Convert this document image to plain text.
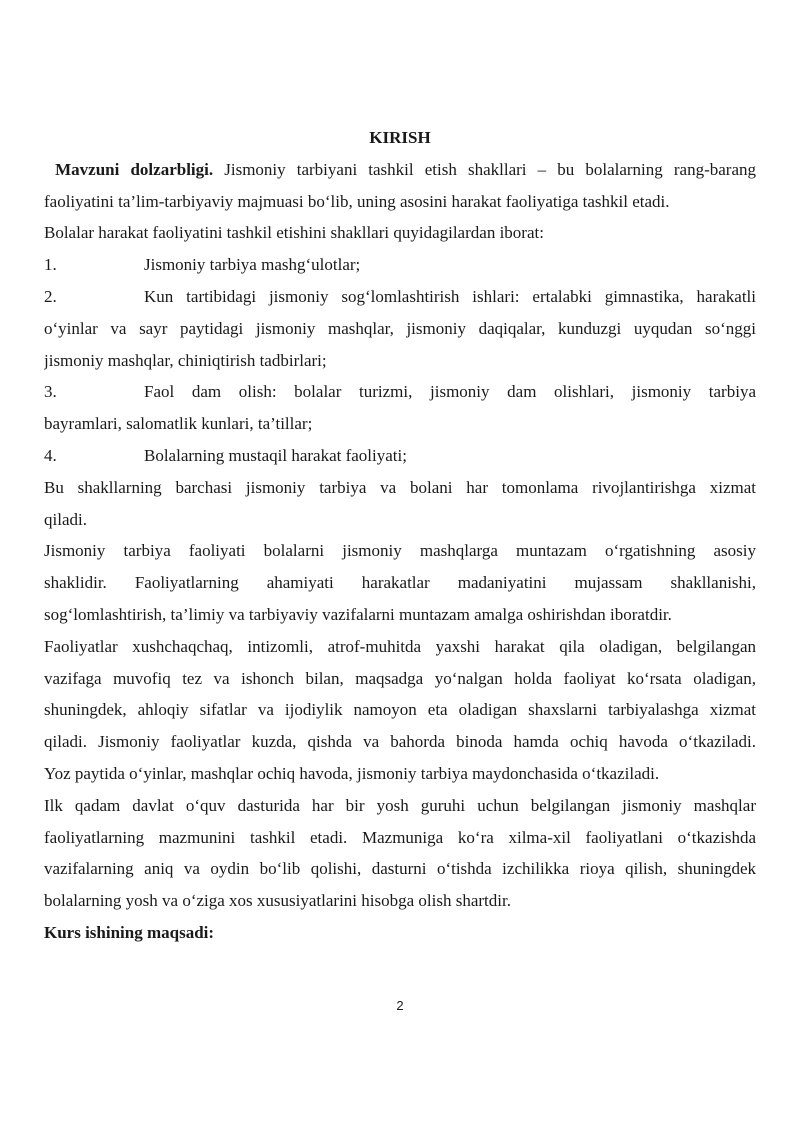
KIRISH
Mavzuni dolzarbligi. Jismoniy tarbiyani tashkil etish shakllari – bu bolalarning rang-barang
faoliyatini ta’lim-tarbiyaviy majmuasi bo‘lib, uning asosini harakat faoliyatiga tashkil etadi.
Bolalar harakat faoliyatini tashkil etishini shakllari quyidagilardan iborat:
1.	Jismoniy tarbiya mashg‘ulotlar;
2.	Kun tartibidagi jismoniy sog‘lomlashtirish ishlari: ertalabki gimnastika, harakatli
o‘yinlar va sayr paytidagi jismoniy mashqlar, jismoniy daqiqalar, kunduzgi uyqudan so‘nggi
jismoniy mashqlar, chiniqtirish tadbirlari;
3.	Faol dam olish: bolalar turizmi, jismoniy dam olishlari, jismoniy tarbiya
bayramlari, salomatlik kunlari, ta’tillar;
4.	Bolalarning mustaqil harakat faoliyati;
Bu shakllarning barchasi jismoniy tarbiya va bolani har tomonlama rivojlantirishga xizmat
qiladi.
Jismoniy tarbiya faoliyati bolalarni jismoniy mashqlarga muntazam o‘rgatishning asosiy
shaklidir. Faoliyatlarning ahamiyati harakatlar madaniyatini mujassam shakllanishi,
sog‘lomlashtirish, ta’limiy va tarbiyaviy vazifalarni muntazam amalga oshirishdan iboratdir.
Faoliyatlar xushchaqchaq, intizomli, atrof-muhitda yaxshi harakat qila oladigan, belgilangan
vazifaga muvofiq tez va ishonch bilan, maqsadga yo‘nalgan holda faoliyat ko‘rsata oladigan,
shuningdek, ahloqiy sifatlar va ijodiylik namoyon eta oladigan shaxslarni tarbiyalashga xizmat
qiladi. Jismoniy faoliyatlar kuzda, qishda va bahorda binoda hamda ochiq havoda o‘tkaziladi.
Yoz paytida o‘yinlar, mashqlar ochiq havoda, jismoniy tarbiya maydonchasida o‘tkaziladi.
Ilk qadam davlat o‘quv dasturida har bir yosh guruhi uchun belgilangan jismoniy mashqlar
faoliyatlarning mazmunini tashkil etadi. Mazmuniga ko‘ra xilma-xil faoliyatlani o‘tkazishda
vazifalarning aniq va oydin bo‘lib qolishi, dasturni o‘tishda izchilikka rioya qilish, shuningdek
bolalarning yosh va o‘ziga xos xususiyatlarini hisobga olish shartdir.
Kurs ishining maqsadi:
2
